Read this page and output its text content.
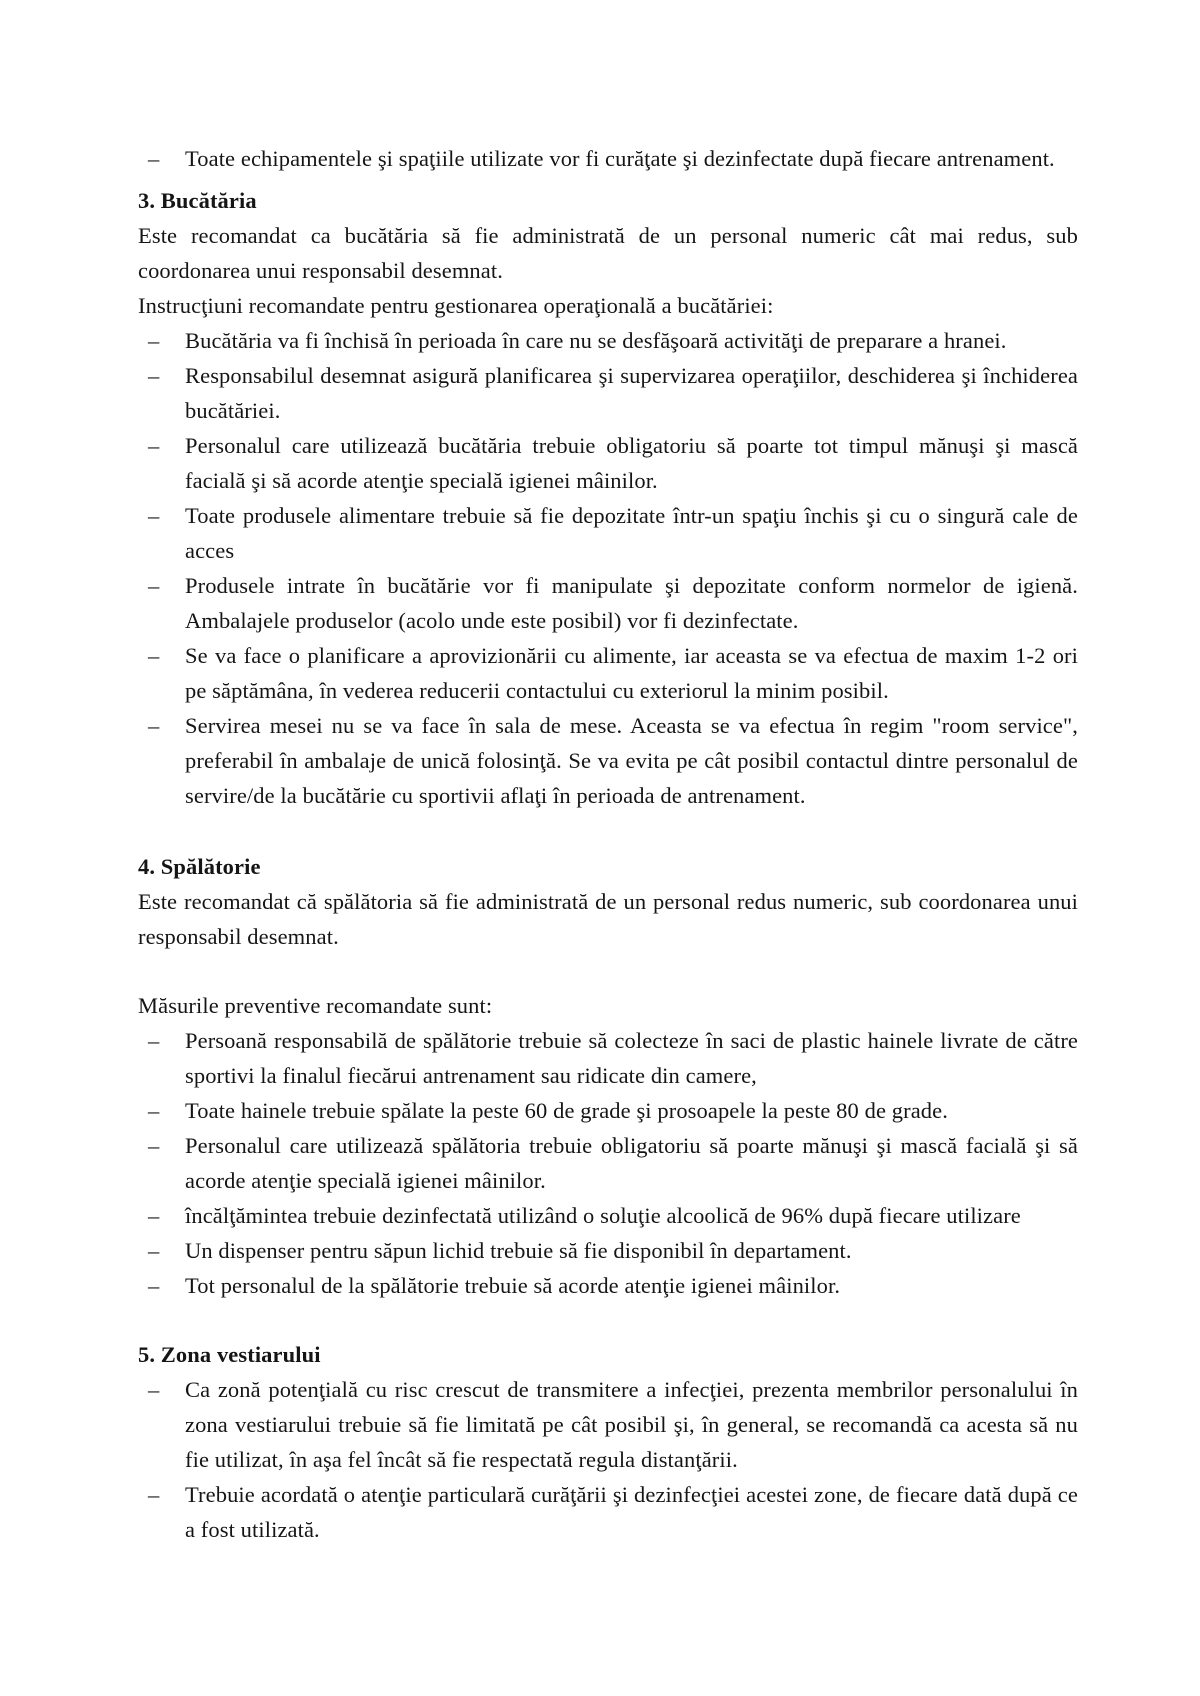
– Toate echipamentele şi spaţiile utilizate vor fi curăţate şi dezinfectate după fiecare antrenament.
3. Bucătăria

Este recomandat ca bucătăria să fie administrată de un personal numeric cât mai redus, sub coordonarea unui responsabil desemnat.

Instrucţiuni recomandate pentru gestionarea operaţională a bucătăriei:

– Bucătăria va fi închisă în perioada în care nu se desfăşoară activităţi de preparare a hranei.
– Responsabilul desemnat asigură planificarea şi supervizarea operaţiilor, deschiderea şi închiderea bucătăriei.
– Personalul care utilizează bucătăria trebuie obligatoriu să poarte tot timpul mănuşi şi mască facială şi să acorde atenţie specială igienei mâinilor.
– Toate produsele alimentare trebuie să fie depozitate într-un spaţiu închis şi cu o singură cale de acces
– Produsele intrate în bucătărie vor fi manipulate şi depozitate conform normelor de igienă. Ambalajele produselor (acolo unde este posibil) vor fi dezinfectate.
– Se va face o planificare a aprovizionării cu alimente, iar aceasta se va efectua de maxim 1-2 ori pe săptămâna, în vederea reducerii contactului cu exteriorul la minim posibil.
– Servirea mesei nu se va face în sala de mese. Aceasta se va efectua în regim "room service", preferabil în ambalaje de unică folosinţă. Se va evita pe cât posibil contactul dintre personalul de servire/de la bucătărie cu sportivii aflaţi în perioada de antrenament.
4. Spălătorie

Este recomandat că spălătoria să fie administrată de un personal redus numeric, sub coordonarea unui responsabil desemnat.

Măsurile preventive recomandate sunt:

– Persoană responsabilă de spălătorie trebuie să colecteze în saci de plastic hainele livrate de către sportivi la finalul fiecărui antrenament sau ridicate din camere,
– Toate hainele trebuie spălate la peste 60 de grade şi prosoapele la peste 80 de grade.
– Personalul care utilizează spălătoria trebuie obligatoriu să poarte mănuşi şi mască facială şi să acorde atenţie specială igienei mâinilor.
– încălţămintea trebuie dezinfectată utilizând o soluţie alcoolică de 96% după fiecare utilizare
– Un dispenser pentru săpun lichid trebuie să fie disponibil în departament.
– Tot personalul de la spălătorie trebuie să acorde atenţie igienei mâinilor.
5. Zona vestiarului
– Ca zonă potenţială cu risc crescut de transmitere a infecţiei, prezenta membrilor personalului în zona vestiarului trebuie să fie limitată pe cât posibil şi, în general, se recomandă ca acesta să nu fie utilizat, în aşa fel încât să fie respectată regula distanţării.
– Trebuie acordată o atenţie particulară curăţării şi dezinfecţiei acestei zone, de fiecare dată după ce a fost utilizată.
